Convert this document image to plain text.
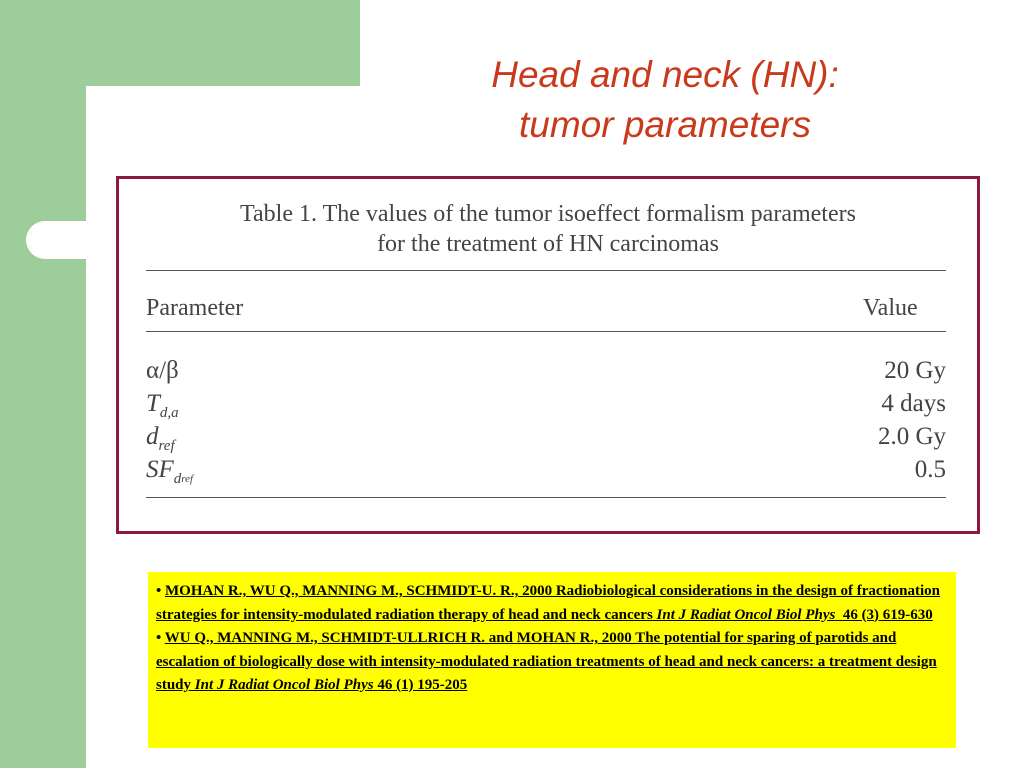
Head and neck (HN):
tumor parameters
Table 1. The values of the tumor isoeffect formalism parameters
for the treatment of HN carcinomas
Parameter	Value
α/β	20 Gy
$T_{d,a}$	4 days
$d_{ref}$	2.0 Gy
$SF_{dref}$	0.5

• MOHAN R., WU Q., MANNING M., SCHMIDT-U. R., 2000 Radiobiological considerations in the design of fractionation strategies for intensity-modulated radiation therapy of head and neck cancers Int J Radiat Oncol Biol Phys 46 (3) 619-630

• WU Q., MANNING M., SCHMIDT-ULLRICH R. and MOHAN R., 2000 The potential for sparing of parotids and escalation of biologically dose with intensity-modulated radiation treatments of head and neck cancers: a treatment design study Int J Radiat Oncol Biol Phys 46 (1) 195-205
